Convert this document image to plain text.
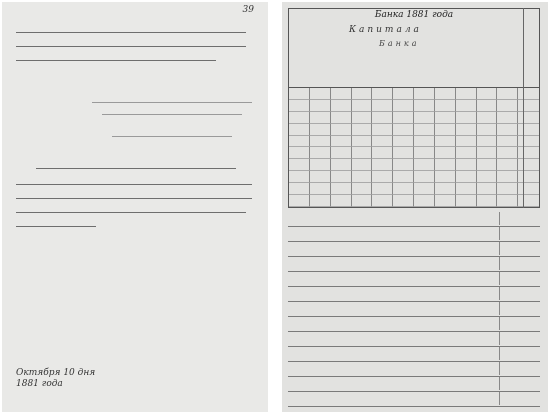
39
Октября 10 дня
1881 года
Банка 1881 года
Капитала
Банка
